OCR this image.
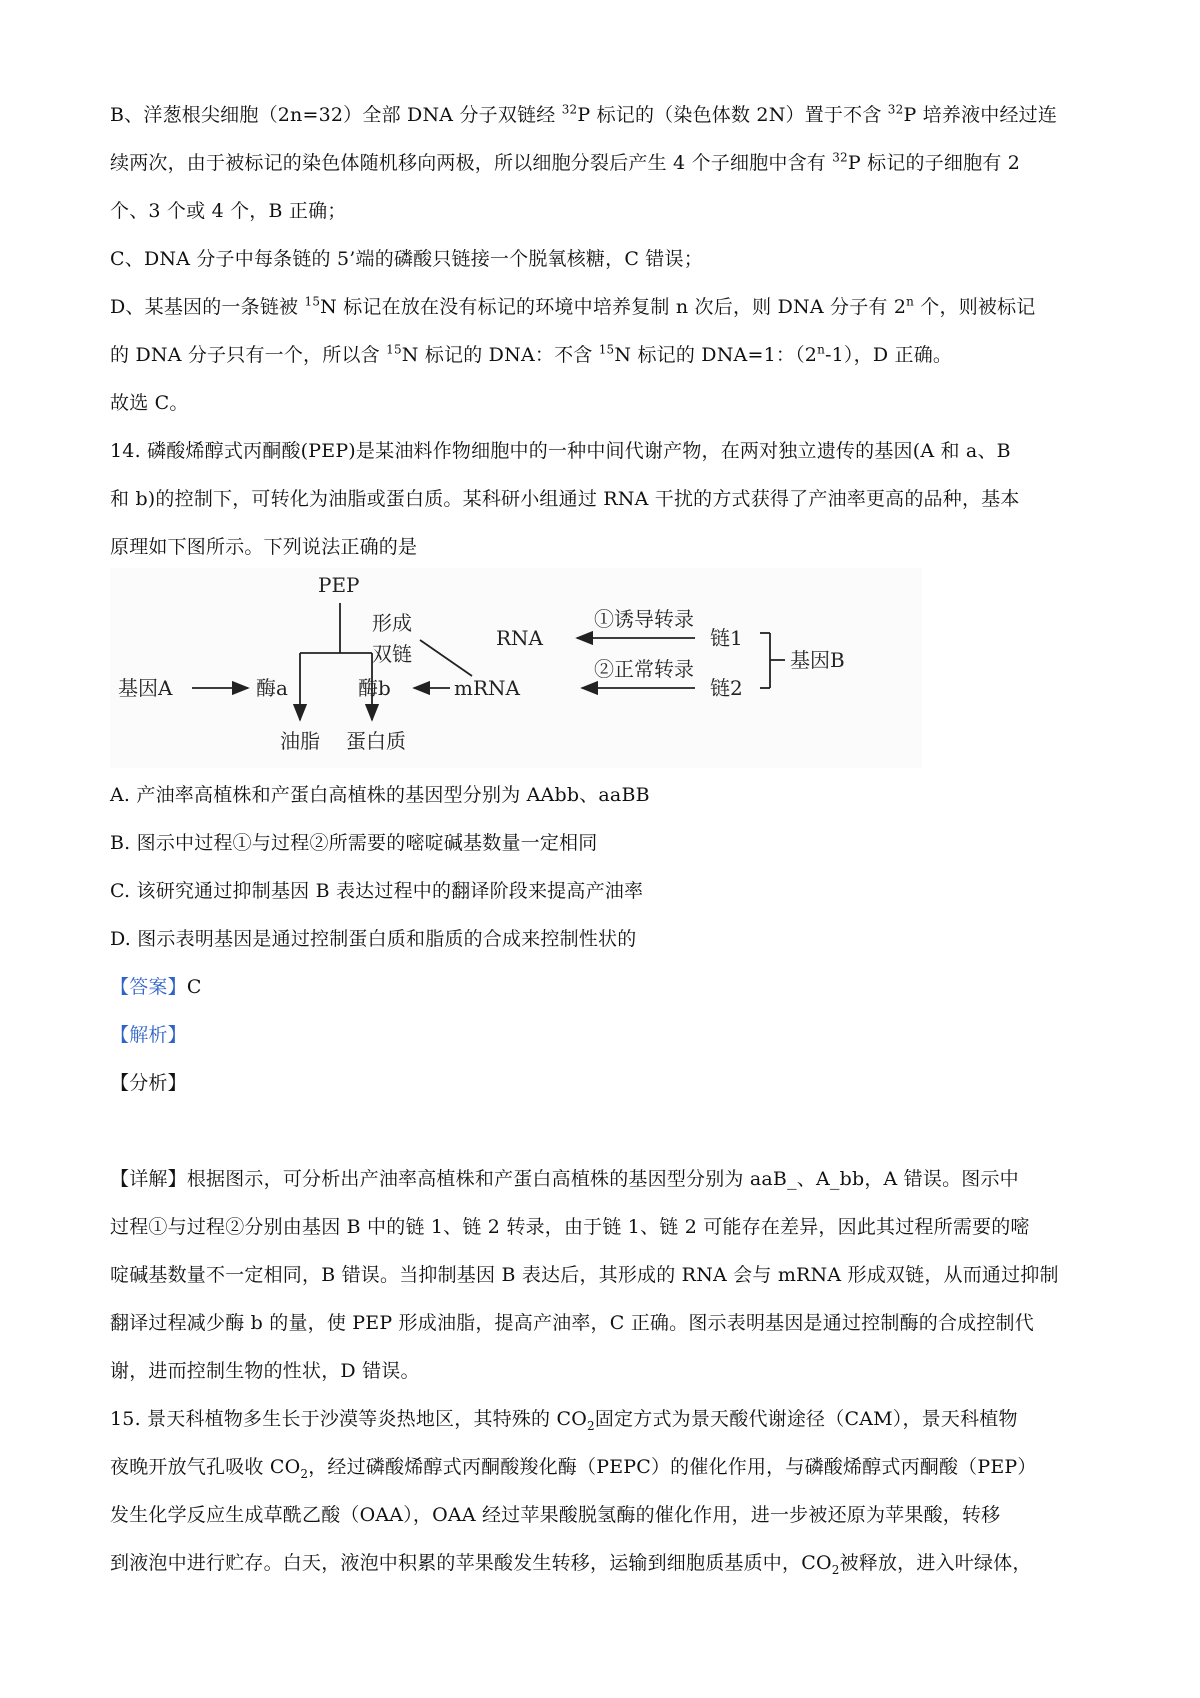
B、洋葱根尖细胞（2n=32）全部 DNA 分子双链经 $^{32}$P 标记的（染色体数 2N）置于不含 $^{32}$P 培养液中经过连
续两次，由于被标记的染色体随机移向两极，所以细胞分裂后产生 4 个子细胞中含有 $^{32}$P 标记的子细胞有 2
个、3 个或 4 个，B 正确；
C、DNA 分子中每条链的 5’端的磷酸只链接一个脱氧核糖，C 错误；
D、某基因的一条链被 $^{15}$N 标记在放在没有标记的环境中培养复制 n 次后，则 DNA 分子有 2$^n$ 个，则被标记
的 DNA 分子只有一个，所以含 $^{15}$N 标记的 DNA：不含 $^{15}$N 标记的 DNA=1：（2$^n$-1），D 正确。
故选 C。
14. 磷酸烯醇式丙酮酸(PEP)是某油料作物细胞中的一种中间代谢产物，在两对独立遗传的基因(A 和 a、B
和 b)的控制下，可转化为油脂或蛋白质。某科研小组通过 RNA 干扰的方式获得了产油率更高的品种，基本
原理如下图所示。下列说法正确的是
PEP
形成
双链
RNA
①诱导转录
链1
基因B
②正常转录
链2
基因A	酶a	酶b	mRNA
油脂 蛋白质
A. 产油率高植株和产蛋白高植株的基因型分别为 AAbb、aaBB
B. 图示中过程①与过程②所需要的嘧啶碱基数量一定相同
C. 该研究通过抑制基因 B 表达过程中的翻译阶段来提高产油率
D. 图示表明基因是通过控制蛋白质和脂质的合成来控制性状的
【答案】C
【解析】
【分析】
【详解】根据图示，可分析出产油率高植株和产蛋白高植株的基因型分别为 aaB_、A_bb，A 错误。图示中
过程①与过程②分别由基因 B 中的链 1、链 2 转录，由于链 1、链 2 可能存在差异，因此其过程所需要的嘧
啶碱基数量不一定相同，B 错误。当抑制基因 B 表达后，其形成的 RNA 会与 mRNA 形成双链，从而通过抑制
翻译过程减少酶 b 的量，使 PEP 形成油脂，提高产油率，C 正确。图示表明基因是通过控制酶的合成控制代
谢，进而控制生物的性状，D 错误。
15. 景天科植物多生长于沙漠等炎热地区，其特殊的 $CO_2$固定方式为景天酸代谢途径（CAM），景天科植物
夜晚开放气孔吸收 $CO_2$，经过磷酸烯醇式丙酮酸羧化酶（PEPC）的催化作用，与磷酸烯醇式丙酮酸（PEP）
发生化学反应生成草酰乙酸（OAA），OAA 经过苹果酸脱氢酶的催化作用，进一步被还原为苹果酸，转移
到液泡中进行贮存。白天，液泡中积累的苹果酸发生转移，运输到细胞质基质中，$CO_2$被释放，进入叶绿体，
